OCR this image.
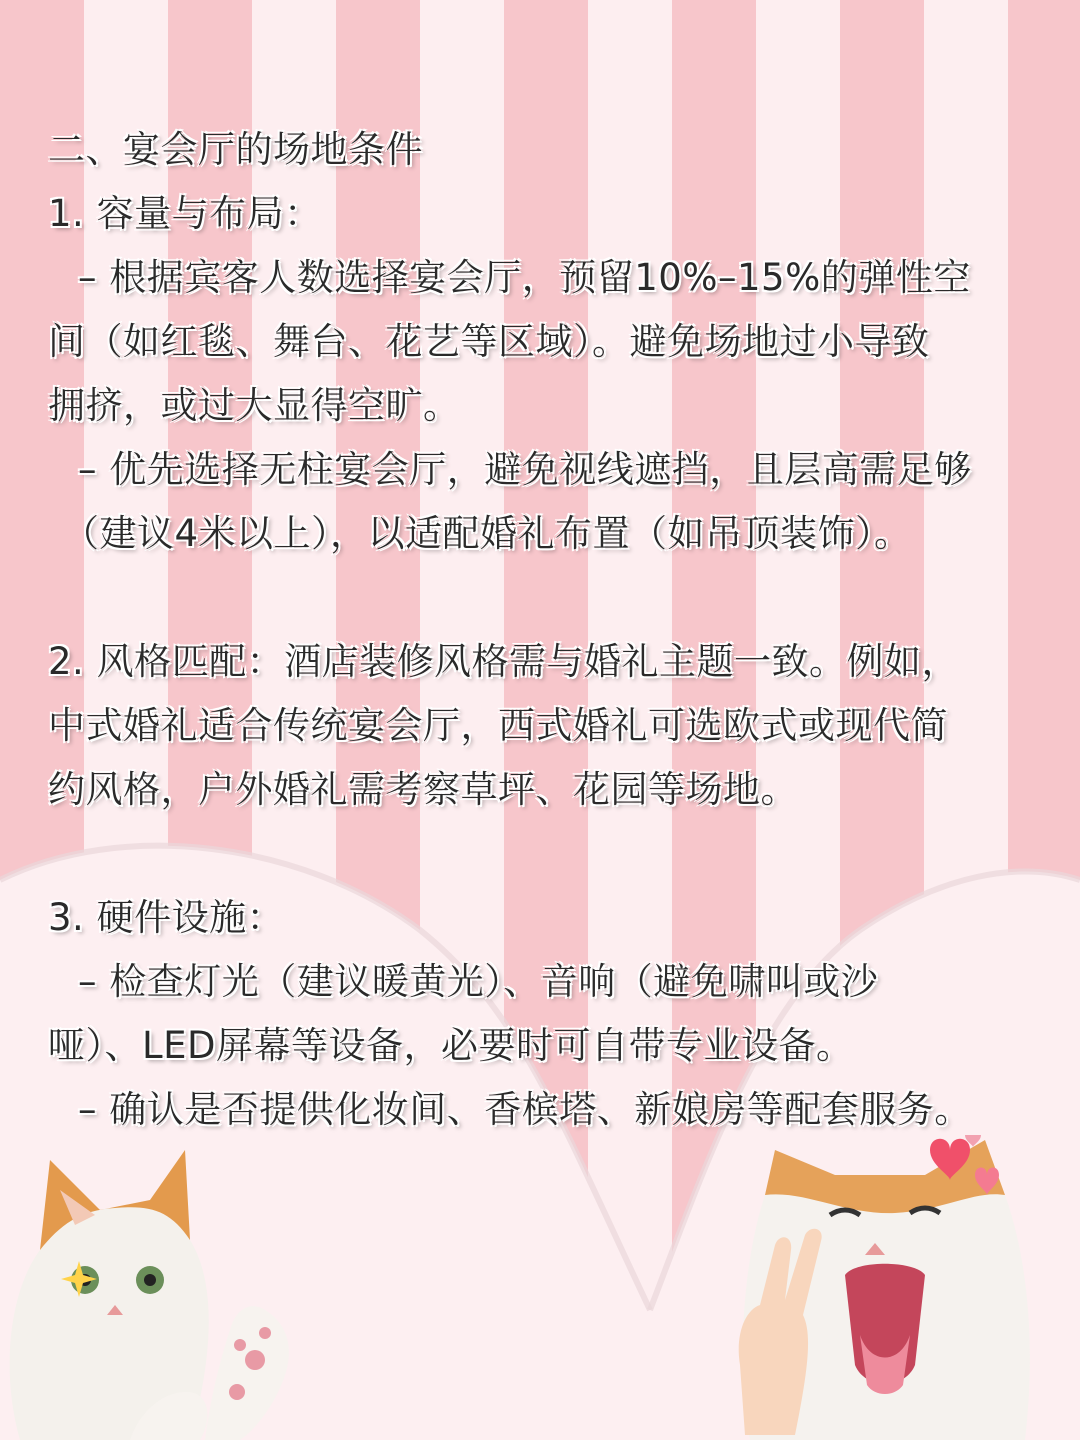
二、宴会厅的场地条件
1. 容量与布局：
– 根据宾客人数选择宴会厅，预留10%–15%的弹性空
间（如红毯、舞台、花艺等区域）。避免场地过小导致
拥挤，或过大显得空旷。
– 优先选择无柱宴会厅，避免视线遮挡，且层高需足够
（建议4米以上），以适配婚礼布置（如吊顶装饰）。
2. 风格匹配：酒店装修风格需与婚礼主题一致。例如，
中式婚礼适合传统宴会厅，西式婚礼可选欧式或现代简
约风格，户外婚礼需考察草坪、花园等场地。
3. 硬件设施：
– 检查灯光（建议暖黄光）、音响（避免啸叫或沙
哑）、LED屏幕等设备，必要时可自带专业设备。
– 确认是否提供化妆间、香槟塔、新娘房等配套服务。
